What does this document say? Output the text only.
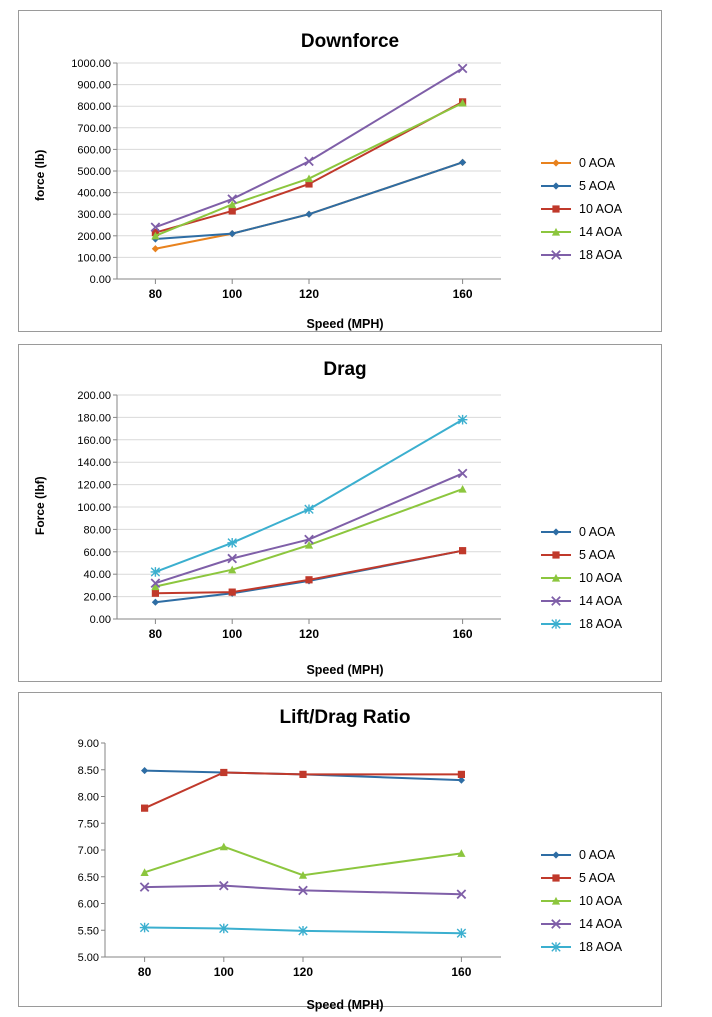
Downforce
force (lb)
0.00
100.00
200.00
300.00
400.00
500.00
600.00
700.00
800.00
900.00
1000.00
80	100	120	160
0 AOA
5 AOA
10 AOA
14 AOA
18 AOA
Speed (MPH)
Drag
Force (lbf)
0.00
20.00
40.00
60.00
80.00
100.00
120.00
140.00
160.00
180.00
200.00
80	100	120	160
0 AOA
5 AOA
10 AOA
14 AOA
18 AOA
Speed (MPH)
Lift/Drag Ratio
5.00
5.50
6.00
6.50
7.00
7.50
8.00
8.50
9.00
80	100	120	160
0 AOA
5 AOA
10 AOA
14 AOA
18 AOA
Speed (MPH)
